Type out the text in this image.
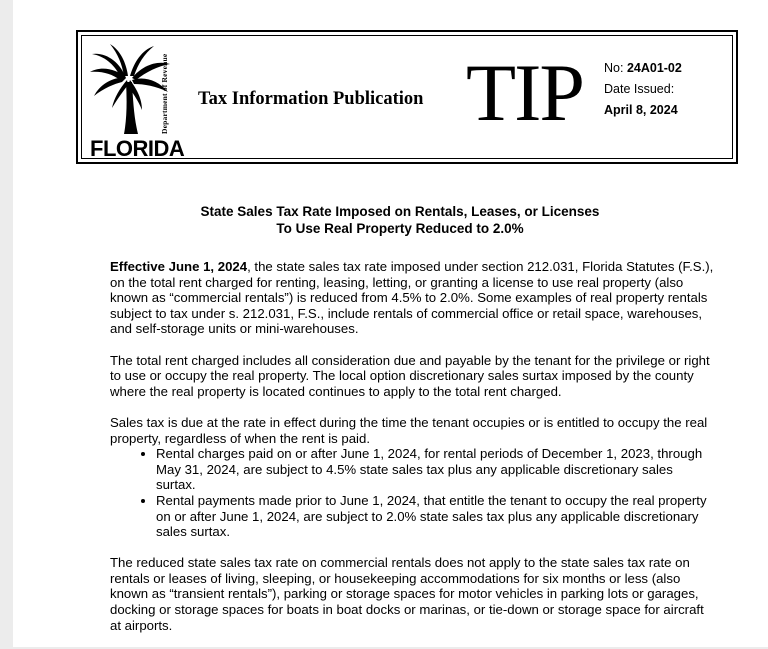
Department of Revenue
FLORIDA
Tax Information Publication TIP No: 24A01-02
Date Issued:
April 8, 2024
State Sales Tax Rate Imposed on Rentals, Leases, or Licenses
To Use Real Property Reduced to 2.0%

Effective June 1, 2024, the state sales tax rate imposed under section 212.031, Florida Statutes (F.S.), on the total rent charged for renting, leasing, letting, or granting a license to use real property (also known as “commercial rentals”) is reduced from 4.5% to 2.0%. Some examples of real property rentals subject to tax under s. 212.031, F.S., include rentals of commercial office or retail space, warehouses, and self-storage units or mini-warehouses.

The total rent charged includes all consideration due and payable by the tenant for the privilege or right to use or occupy the real property. The local option discretionary sales surtax imposed by the county where the real property is located continues to apply to the total rent charged.

Sales tax is due at the rate in effect during the time the tenant occupies or is entitled to occupy the real property, regardless of when the rent is paid.

• Rental charges paid on or after June 1, 2024, for rental periods of December 1, 2023, through May 31, 2024, are subject to 4.5% state sales tax plus any applicable discretionary sales surtax.
• Rental payments made prior to June 1, 2024, that entitle the tenant to occupy the real property on or after June 1, 2024, are subject to 2.0% state sales tax plus any applicable discretionary sales surtax.

The reduced state sales tax rate on commercial rentals does not apply to the state sales tax rate on rentals or leases of living, sleeping, or housekeeping accommodations for six months or less (also known as “transient rentals”), parking or storage spaces for motor vehicles in parking lots or garages, docking or storage spaces for boats in boat docks or marinas, or tie-down or storage space for aircraft at airports.
